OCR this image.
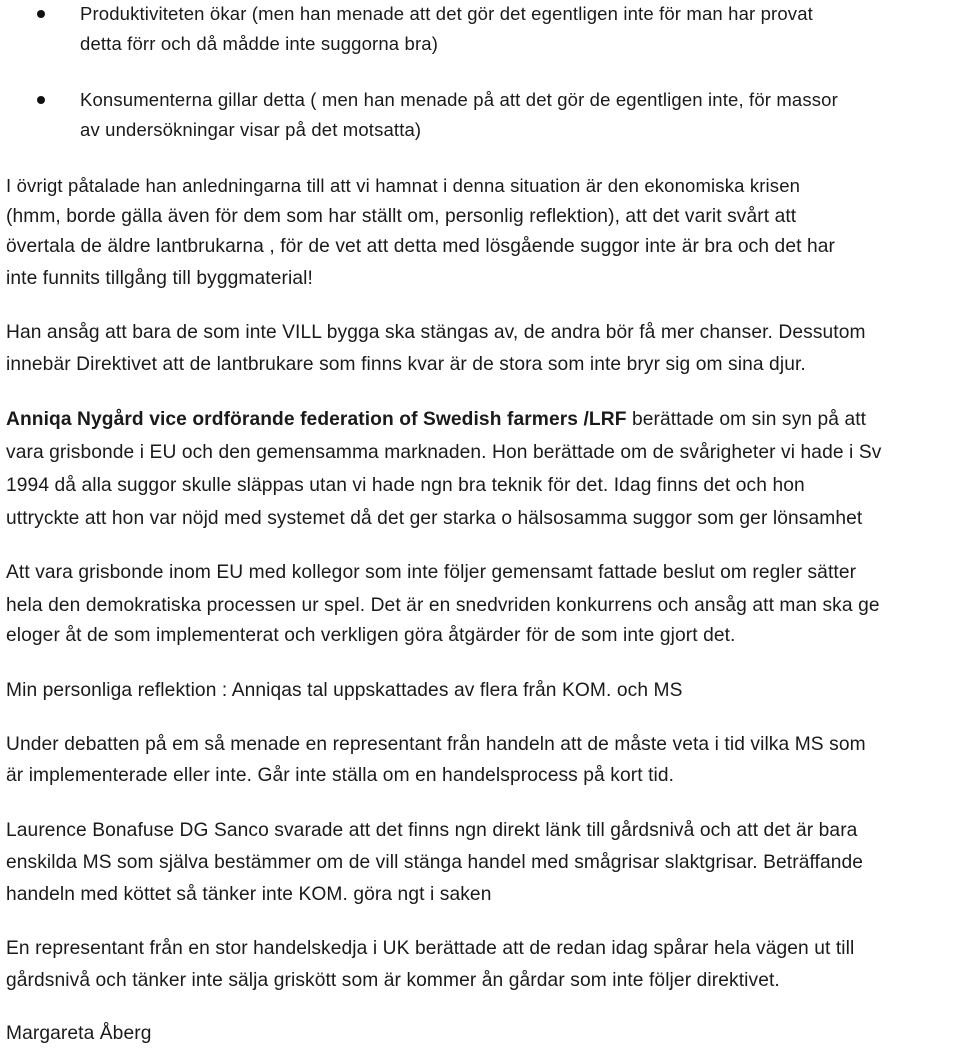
Produktiviteten ökar (men han menade att det gör det egentligen inte för man har provat
detta förr och då mådde inte suggorna bra)
Konsumenterna gillar detta ( men han menade på att det gör de egentligen inte, för massor
av undersökningar visar på det motsatta)
I övrigt påtalade han anledningarna till att vi hamnat i denna situation är den ekonomiska krisen
(hmm, borde gälla även för dem som har ställt om, personlig reflektion), att det varit svårt att
övertala de äldre lantbrukarna , för de vet att detta med lösgående suggor inte är bra och det har
inte funnits tillgång till byggmaterial!
Han ansåg att bara de som inte VILL bygga ska stängas av, de andra bör få mer chanser. Dessutom
innebär Direktivet att de lantbrukare som finns kvar är de stora som inte bryr sig om sina djur.
Anniqa Nygård vice ordförande federation of Swedish farmers /LRF berättade om sin syn på att
vara grisbonde i EU och den gemensamma marknaden. Hon berättade om de svårigheter vi hade i Sv
1994 då alla suggor skulle släppas utan vi hade ngn bra teknik för det. Idag finns det och hon
uttryckte att hon var nöjd med systemet då det ger starka o hälsosamma suggor som ger lönsamhet
Att vara grisbonde inom EU med kollegor som inte följer gemensamt fattade beslut om regler sätter
hela den demokratiska processen ur spel. Det är en snedvriden konkurrens och ansåg att man ska ge
eloger åt de som implementerat och verkligen göra åtgärder för de som inte gjort det.
Min personliga reflektion : Anniqas tal uppskattades av flera från KOM. och MS
Under debatten på em så menade en representant från handeln att de måste veta i tid vilka MS som
är implementerade eller inte. Går inte ställa om en handelsprocess på kort tid.
Laurence Bonafuse DG Sanco svarade att det finns ngn direkt länk till gårdsnivå och att det är bara
enskilda MS som själva bestämmer om de vill stänga handel med smågrisar slaktgrisar. Beträffande
handeln med köttet så tänker inte KOM. göra ngt i saken
En representant från en stor handelskedja i UK berättade att de redan idag spårar hela vägen ut till
gårdsnivå och tänker inte sälja griskött som är kommer ån gårdar som inte följer direktivet.
Margareta Åberg
